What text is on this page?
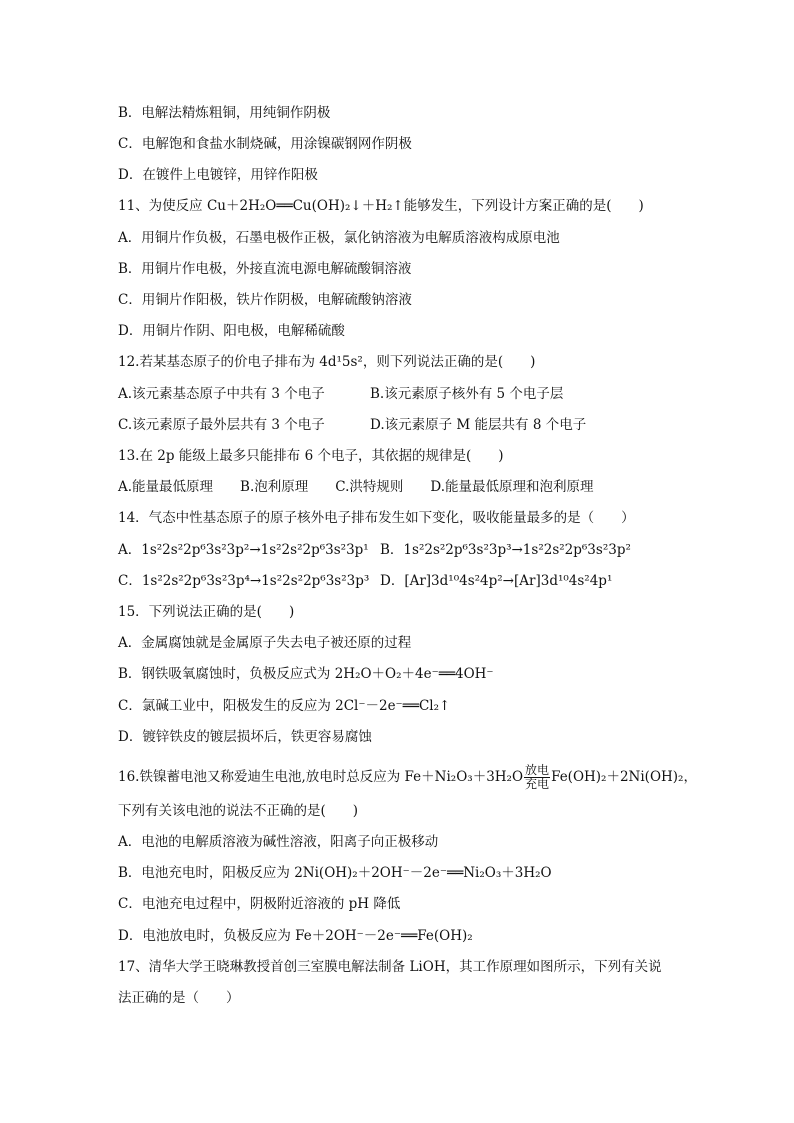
B．电解法精炼粗铜，用纯铜作阴极
C．电解饱和食盐水制烧碱，用涂镍碳钢网作阴极
D．在镀件上电镀锌，用锌作阳极
11、为使反应 Cu＋2H₂O══Cu(OH)₂↓＋H₂↑能够发生，下列设计方案正确的是(　　)
A．用铜片作负极，石墨电极作正极，氯化钠溶液为电解质溶液构成原电池
B．用铜片作电极，外接直流电源电解硫酸铜溶液
C．用铜片作阳极，铁片作阴极，电解硫酸钠溶液
D．用铜片作阴、阳电极，电解稀硫酸
12.若某基态原子的价电子排布为 4d¹5s²，则下列说法正确的是(　　)
A.该元素基态原子中共有 3 个电子	B.该元素原子核外有 5 个电子层
C.该元素原子最外层共有 3 个电子	D.该元素原子 M 能层共有 8 个电子
13.在 2p 能级上最多只能排布 6 个电子，其依据的规律是(　　)
A.能量最低原理　　B.泡利原理　　C.洪特规则　　D.能量最低原理和泡利原理
14．气态中性基态原子的原子核外电子排布发生如下变化，吸收能量最多的是（　　）
A．1s²2s²2p⁶3s²3p²→1s²2s²2p⁶3s²3p¹ B．1s²2s²2p⁶3s²3p³→1s²2s²2p⁶3s²3p²
C．1s²2s²2p⁶3s²3p⁴→1s²2s²2p⁶3s²3p³ D．[Ar]3d¹⁰4s²4p²→[Ar]3d¹⁰4s²4p¹
15．下列说法正确的是(　　)
A．金属腐蚀就是金属原子失去电子被还原的过程
B．钢铁吸氧腐蚀时，负极反应式为 2H₂O＋O₂＋4e⁻══4OH⁻
C．氯碱工业中，阳极发生的反应为 2Cl⁻－2e⁻══Cl₂↑
D．镀锌铁皮的镀层损坏后，铁更容易腐蚀
16.铁镍蓄电池又称爱迪生电池,放电时总反应为 Fe＋Ni₂O₃＋3H₂O 放电
充电 Fe(OH)₂＋2Ni(OH)₂，
下列有关该电池的说法不正确的是(　　)
A．电池的电解质溶液为碱性溶液，阳离子向正极移动
B．电池充电时，阳极反应为 2Ni(OH)₂＋2OH⁻－2e⁻══Ni₂O₃＋3H₂O
C．电池充电过程中，阴极附近溶液的 pH 降低
D．电池放电时，负极反应为 Fe＋2OH⁻－2e⁻══Fe(OH)₂
17、清华大学王晓琳教授首创三室膜电解法制备 LiOH，其工作原理如图所示，下列有关说
法正确的是（　　）
